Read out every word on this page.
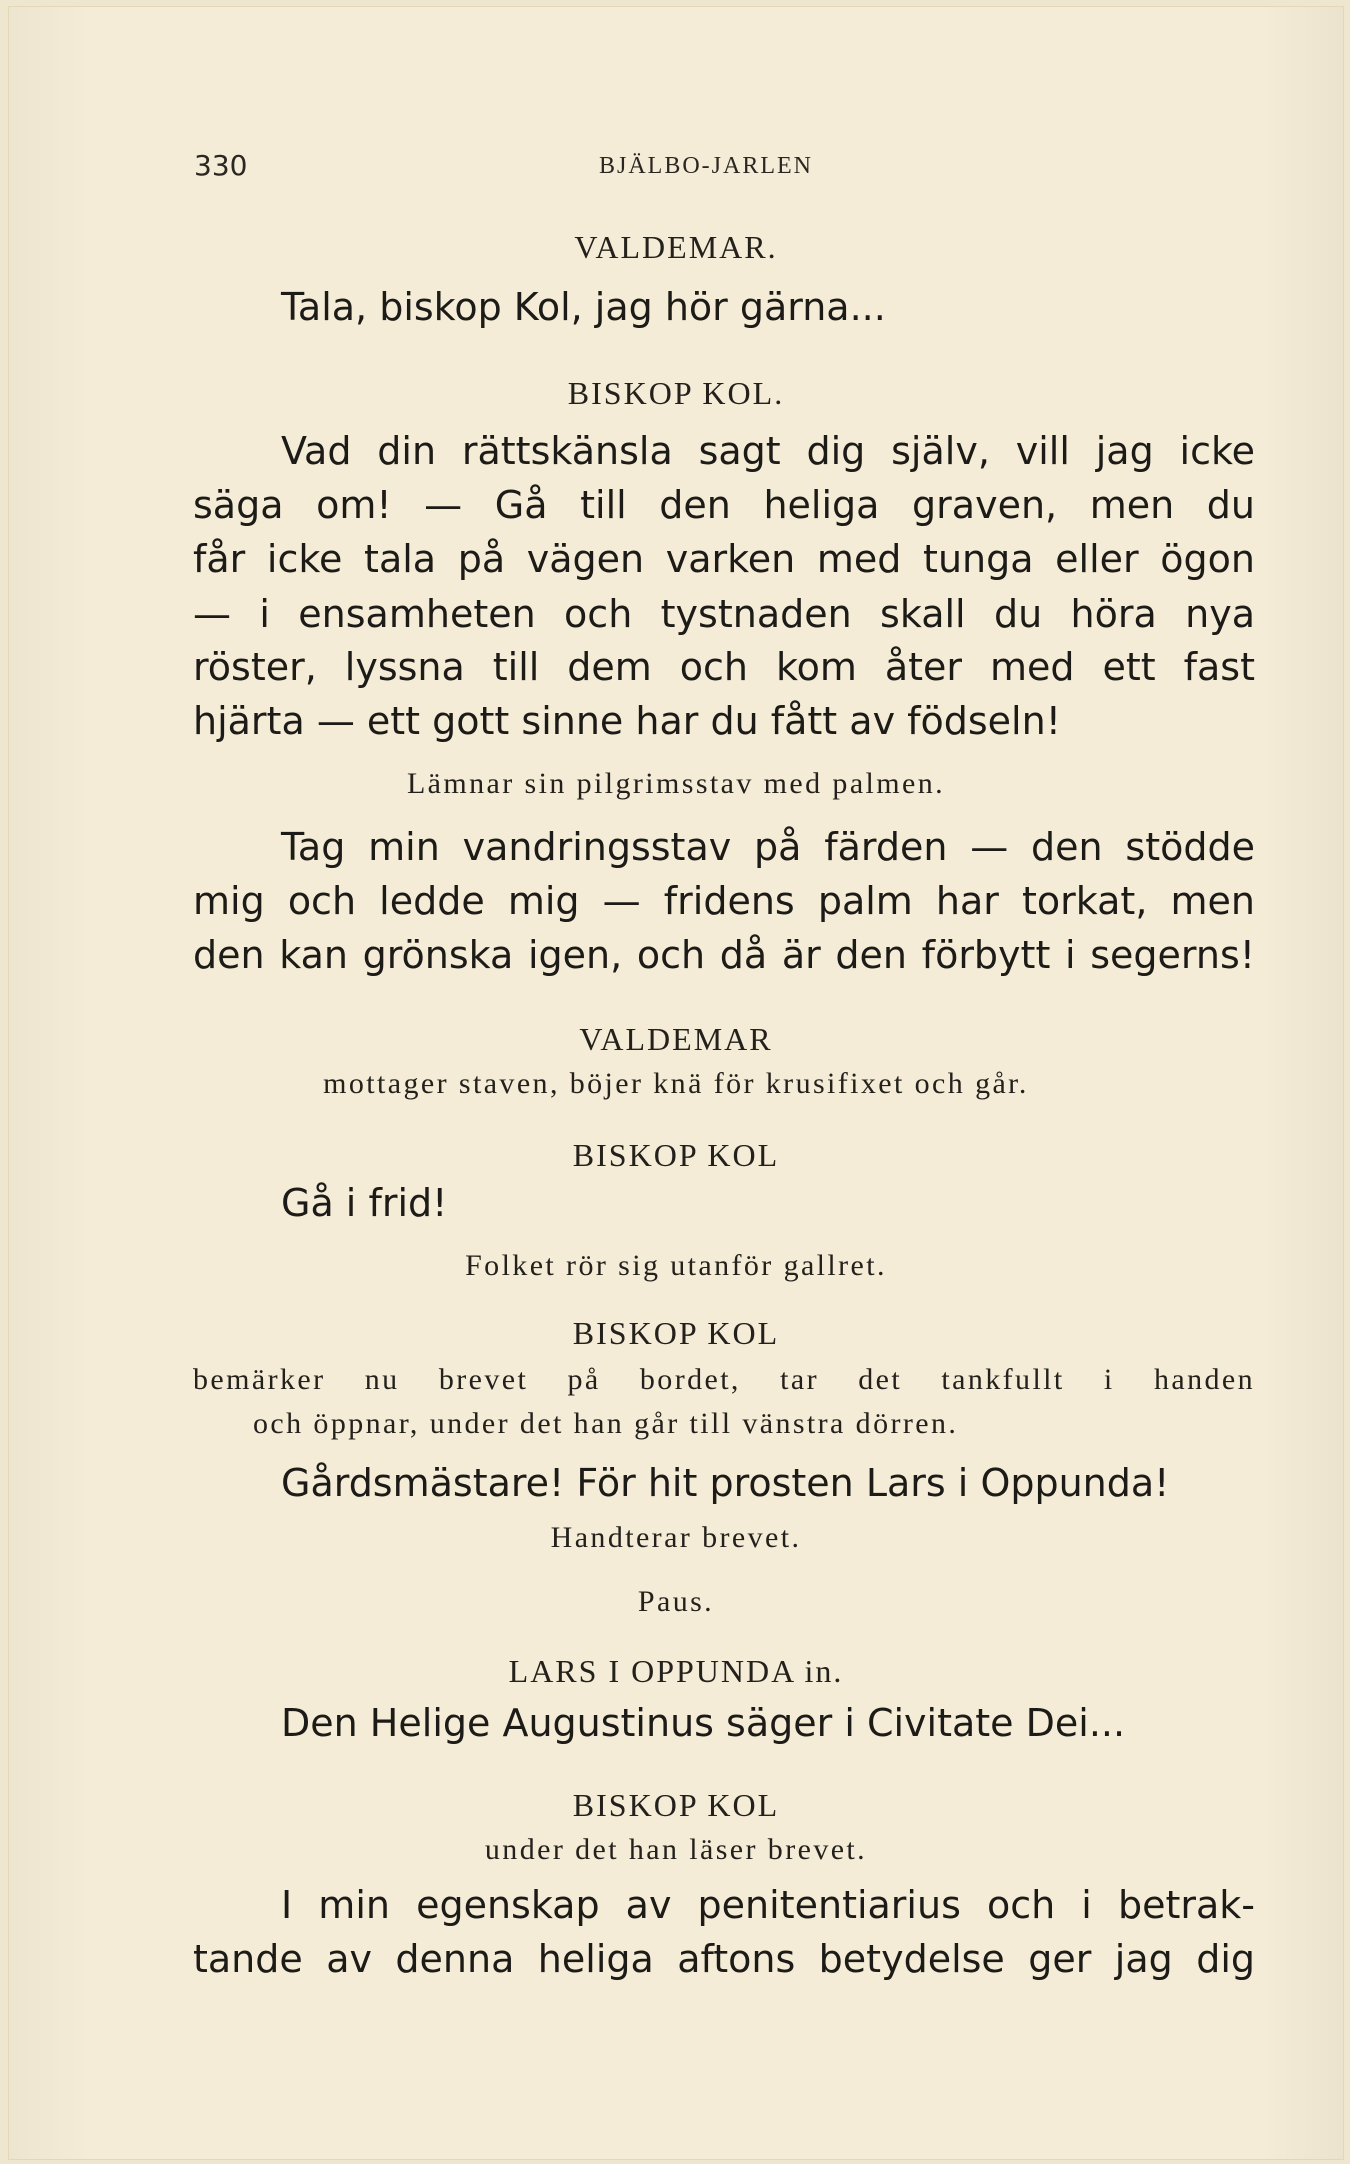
330	BJÄLBO-JARLEN
VALDEMAR.
Tala, biskop Kol, jag hör gärna...
BISKOP KOL.
Vad din rättskänsla sagt dig själv, vill jag icke
säga om! — Gå till den heliga graven, men du
får icke tala på vägen varken med tunga eller ögon
— i ensamheten och tystnaden skall du höra nya
röster, lyssna till dem och kom åter med ett fast
hjärta — ett gott sinne har du fått av födseln!
Lämnar sin pilgrimsstav med palmen.
Tag min vandringsstav på färden — den stödde
mig och ledde mig — fridens palm har torkat, men
den kan grönska igen, och då är den förbytt i segerns!
VALDEMAR
mottager staven, böjer knä för krusifixet och går.
BISKOP KOL
Gå i frid!
Folket rör sig utanför gallret.
BISKOP KOL
bemärker nu brevet på bordet, tar det tankfullt i handen
och öppnar, under det han går till vänstra dörren.
Gårdsmästare! För hit prosten Lars i Oppunda!
Handterar brevet.
Paus.
LARS I OPPUNDA in.
Den Helige Augustinus säger i Civitate Dei...
BISKOP KOL
under det han läser brevet.
I min egenskap av penitentiarius och i betrak-
tande av denna heliga aftons betydelse ger jag dig
